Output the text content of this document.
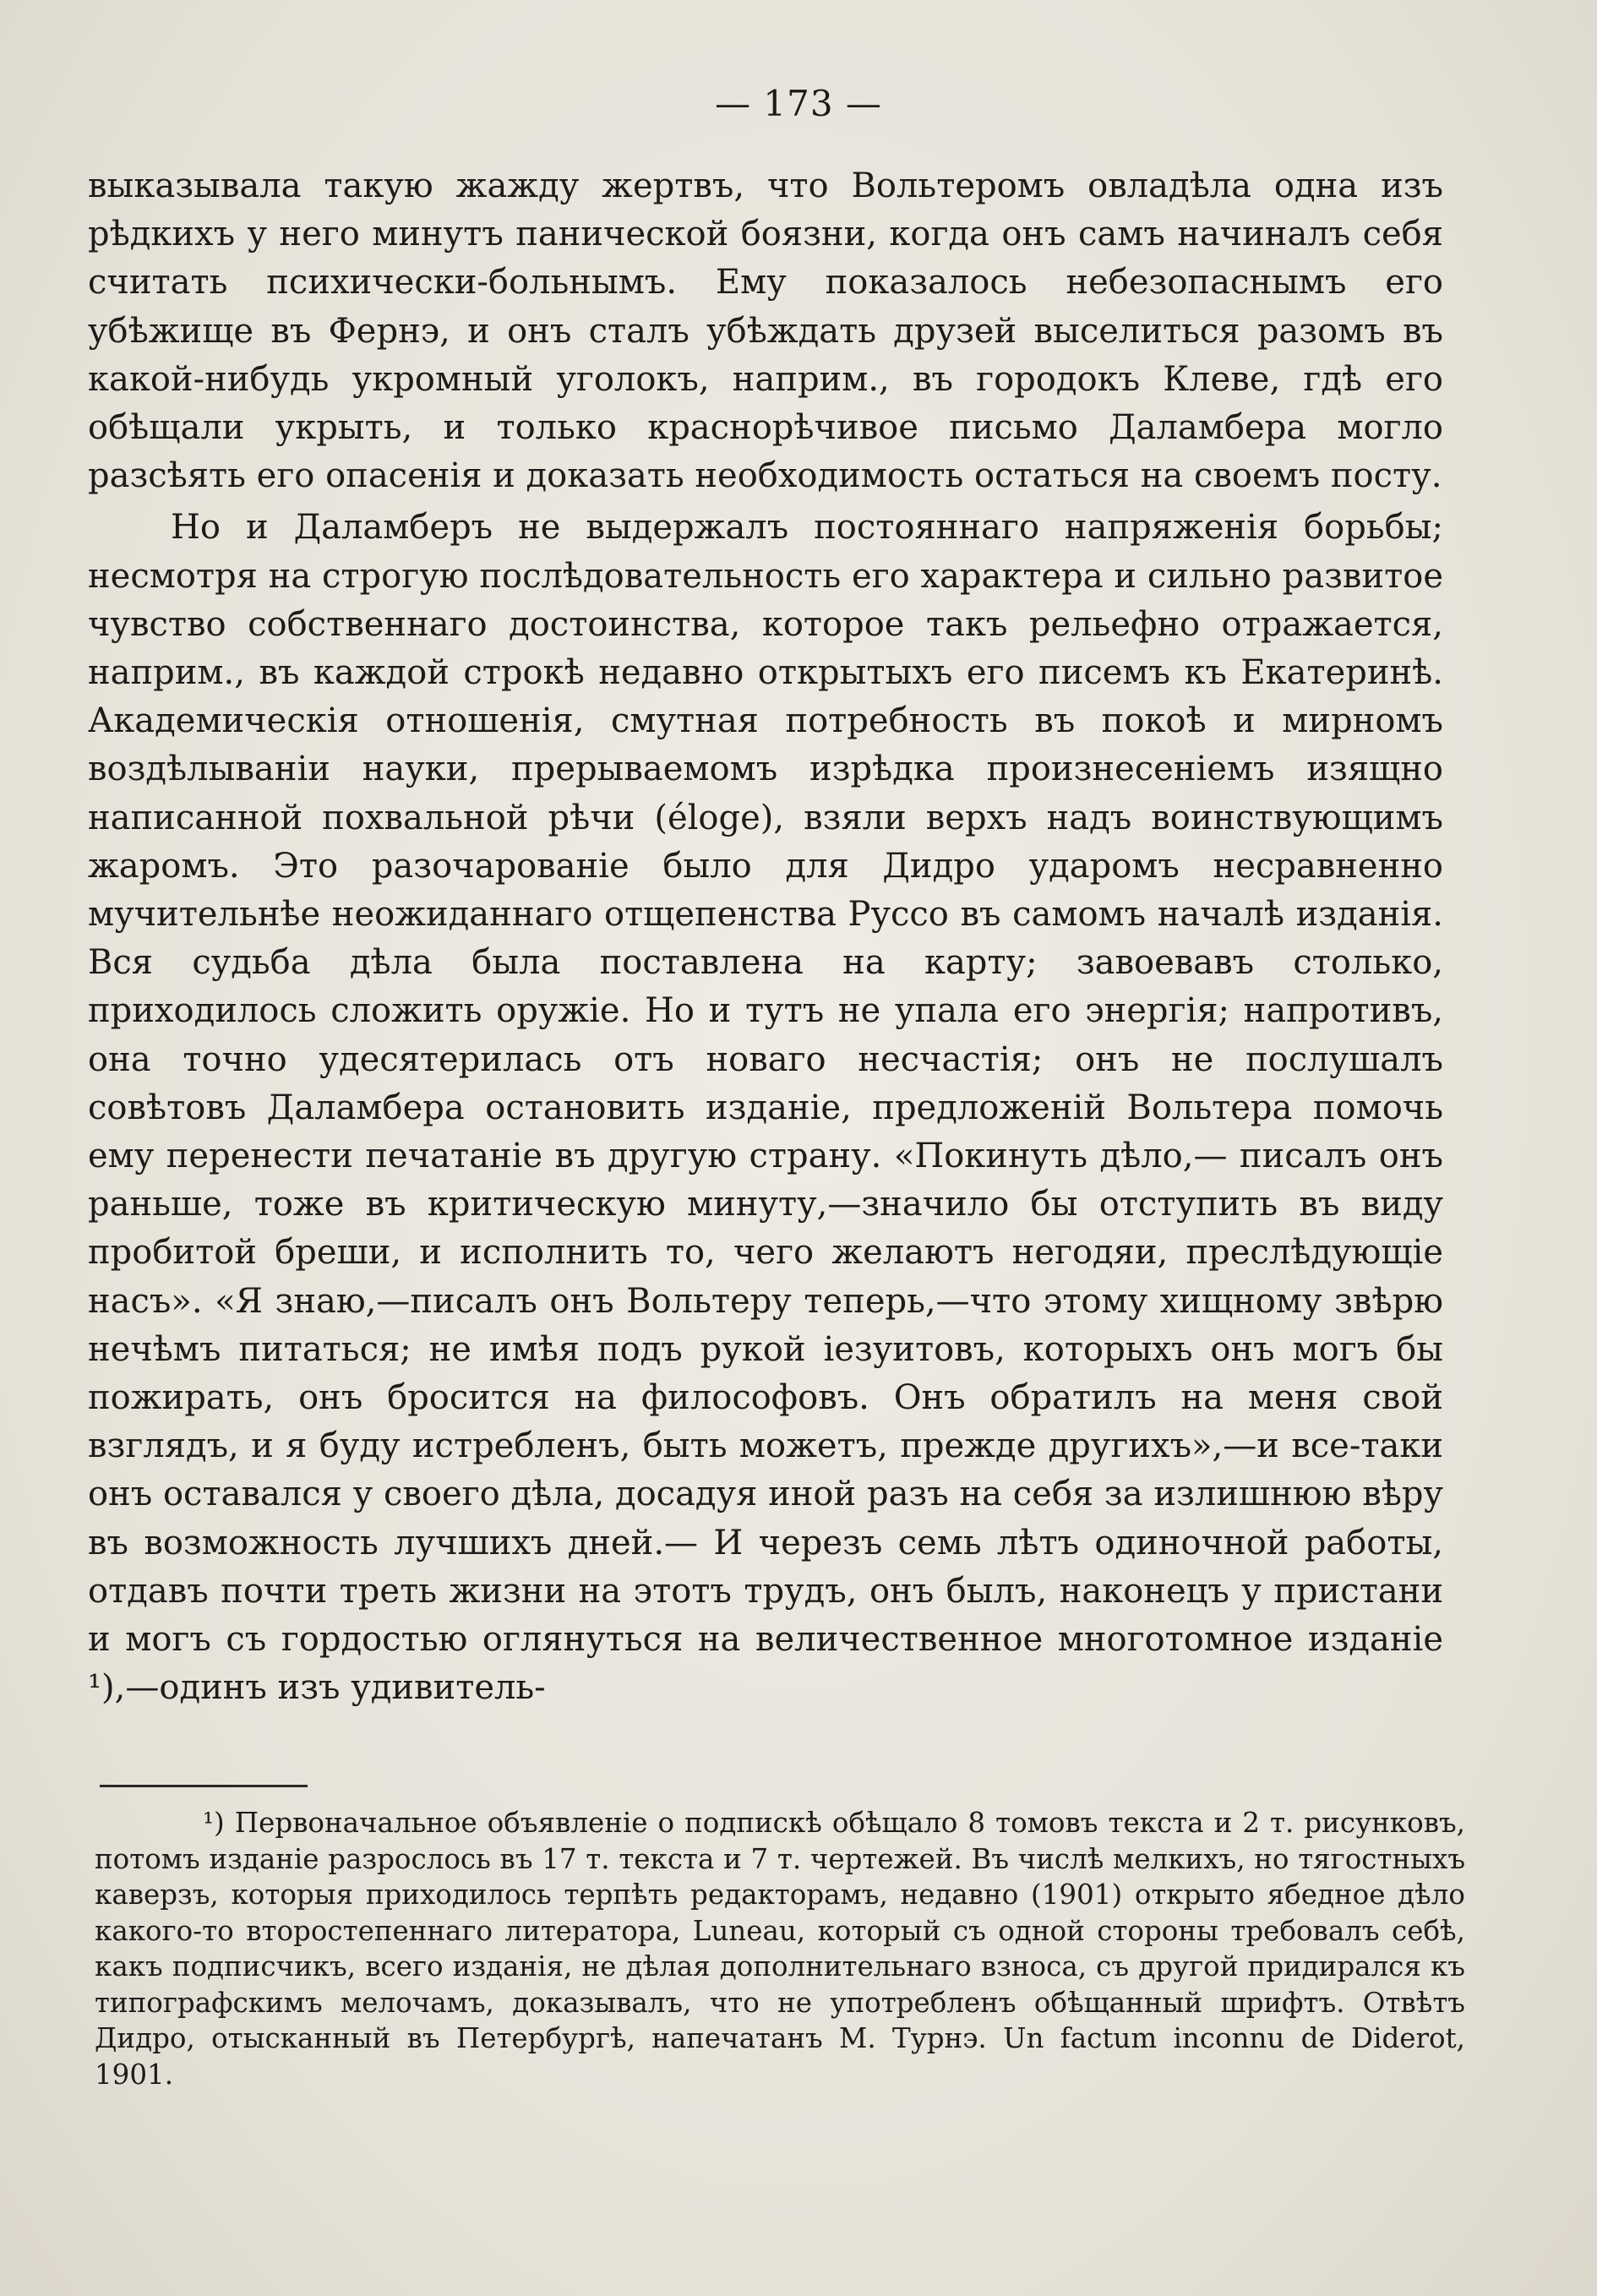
— 173 —

выказывала такую жажду жертвъ, что Вольтеромъ овладѣла одна изъ рѣдкихъ у него минутъ панической боязни, когда онъ самъ начиналъ себя считать психически-больнымъ. Ему показалось небезопаснымъ его убѣжище въ Фернэ, и онъ сталъ убѣждать друзей выселиться разомъ въ какой-нибудь укромный уголокъ, наприм., въ городокъ Клеве, гдѣ его обѣщали укрыть, и только краснорѣчивое письмо Даламбера могло разсѣять его опасенія и доказать необходимость остаться на своемъ посту.

Но и Даламберъ не выдержалъ постояннаго напряженія борьбы; несмотря на строгую послѣдовательность его характера и сильно развитое чувство собственнаго достоинства, которое такъ рельефно отражается, наприм., въ каждой строкѣ недавно открытыхъ его писемъ къ Екатеринѣ. Академическія отношенія, смутная потребность въ покоѣ и мирномъ воздѣлываніи науки, прерываемомъ изрѣдка произнесеніемъ изящно написанной похвальной рѣчи (éloge), взяли верхъ надъ воинствующимъ жаромъ. Это разочарованіе было для Дидро ударомъ несравненно мучительнѣе неожиданнаго отщепенства Руссо въ самомъ началѣ изданія. Вся судьба дѣла была поставлена на карту; завоевавъ столько, приходилось сложить оружіе. Но и тутъ не упала его энергія; напротивъ, она точно удесятерилась отъ новаго несчастія; онъ не послушалъ совѣтовъ Даламбера остановить изданіе, предложеній Вольтера помочь ему перенести печатаніе въ другую страну. «Покинуть дѣло,— писалъ онъ раньше, тоже въ критическую минуту,—значило бы отступить въ виду пробитой бреши, и исполнить то, чего желаютъ негодяи, преслѣдующіе насъ». «Я знаю,—писалъ онъ Вольтеру теперь,—что этому хищному звѣрю нечѣмъ питаться; не имѣя подъ рукой іезуитовъ, которыхъ онъ могъ бы пожирать, онъ бросится на философовъ. Онъ обратилъ на меня свой взглядъ, и я буду истребленъ, быть можетъ, прежде другихъ»,—и все-таки онъ оставался у своего дѣла, досадуя иной разъ на себя за излишнюю вѣру въ возможность лучшихъ дней.— И черезъ семь лѣтъ одиночной работы, отдавъ почти треть жизни на этотъ трудъ, онъ былъ, наконецъ у пристани и могъ съ гордостью оглянуться на величественное многотомное изданіе ¹),—одинъ изъ удивитель-

¹) Первоначальное объявленіе о подпискѣ обѣщало 8 томовъ текста и 2 т. рисунковъ, потомъ изданіе разрослось въ 17 т. текста и 7 т. чертежей. Въ числѣ мелкихъ, но тягостныхъ каверзъ, которыя приходилось терпѣть редакторамъ, недавно (1901) открыто ябедное дѣло какого-то второстепеннаго литератора, Luneau, который съ одной стороны требовалъ себѣ, какъ подписчикъ, всего изданія, не дѣлая дополнительнаго взноса, съ другой придирался къ типографскимъ мелочамъ, доказывалъ, что не употребленъ обѣщанный шрифтъ. Отвѣтъ Дидро, отысканный въ Петербургѣ, напечатанъ М. Турнэ. Un factum inconnu de Diderot, 1901.
